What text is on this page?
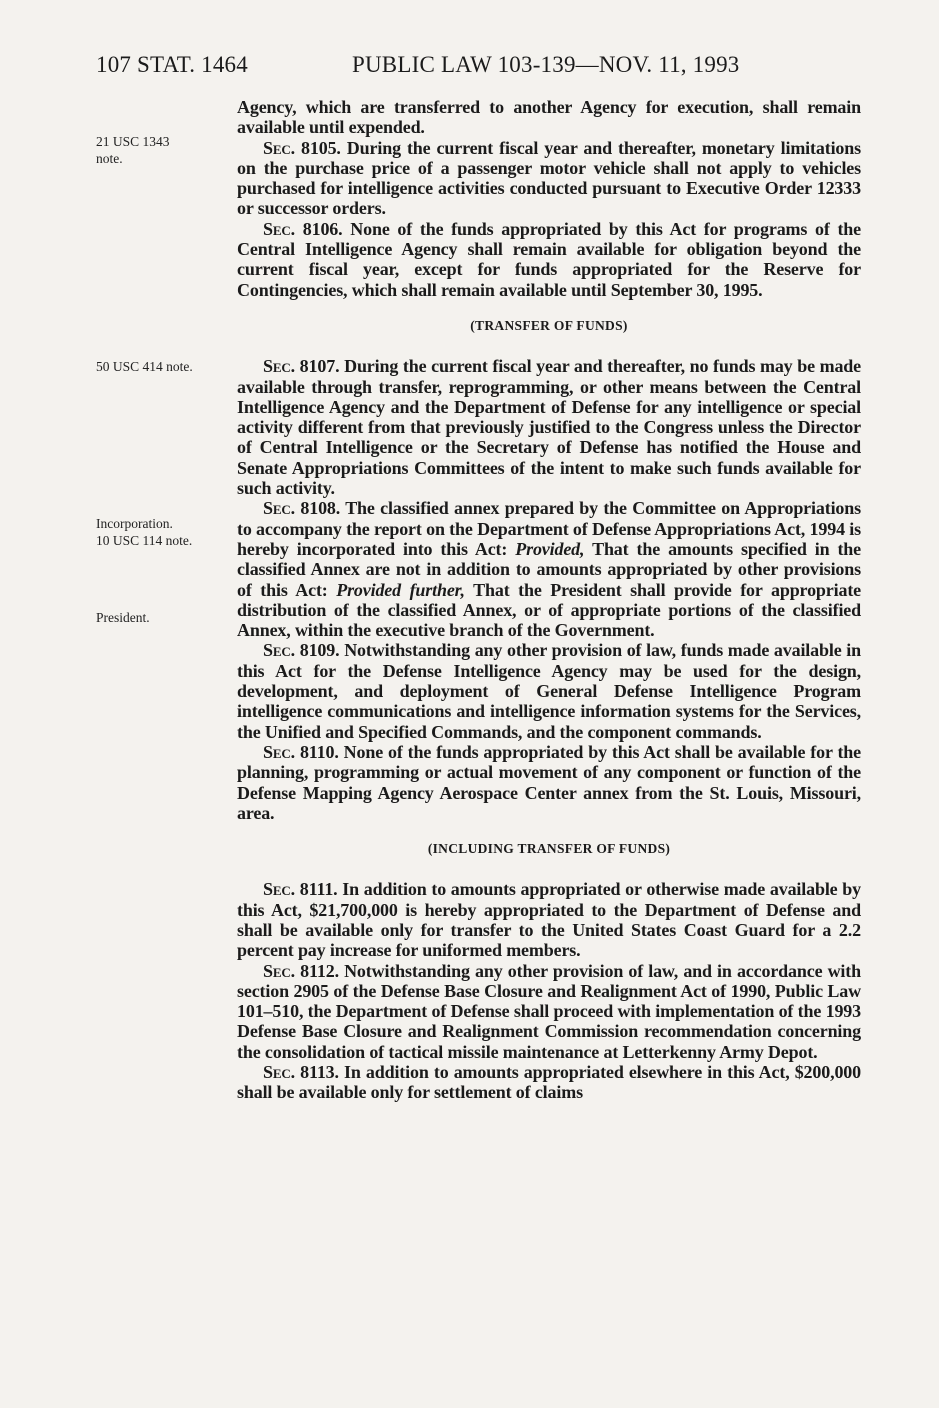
107 STAT. 1464	PUBLIC LAW 103-139—NOV. 11, 1993
21 USC 1343
note.
50 USC 414 note.
Incorporation.
10 USC 114 note.
President.

Agency, which are transferred to another Agency for execution, shall remain available until expended.

Sec. 8105. During the current fiscal year and thereafter, monetary limitations on the purchase price of a passenger motor vehicle shall not apply to vehicles purchased for intelligence activities conducted pursuant to Executive Order 12333 or successor orders.

Sec. 8106. None of the funds appropriated by this Act for programs of the Central Intelligence Agency shall remain available for obligation beyond the current fiscal year, except for funds appropriated for the Reserve for Contingencies, which shall remain available until September 30, 1995.

(TRANSFER OF FUNDS)

Sec. 8107. During the current fiscal year and thereafter, no funds may be made available through transfer, reprogramming, or other means between the Central Intelligence Agency and the Department of Defense for any intelligence or special activity different from that previously justified to the Congress unless the Director of Central Intelligence or the Secretary of Defense has notified the House and Senate Appropriations Committees of the intent to make such funds available for such activity.

Sec. 8108. The classified annex prepared by the Committee on Appropriations to accompany the report on the Department of Defense Appropriations Act, 1994 is hereby incorporated into this Act: Provided, That the amounts specified in the classified Annex are not in addition to amounts appropriated by other provisions of this Act: Provided further, That the President shall provide for appropriate distribution of the classified Annex, or of appropriate portions of the classified Annex, within the executive branch of the Government.

Sec. 8109. Notwithstanding any other provision of law, funds made available in this Act for the Defense Intelligence Agency may be used for the design, development, and deployment of General Defense Intelligence Program intelligence communications and intelligence information systems for the Services, the Unified and Specified Commands, and the component commands.

Sec. 8110. None of the funds appropriated by this Act shall be available for the planning, programming or actual movement of any component or function of the Defense Mapping Agency Aerospace Center annex from the St. Louis, Missouri, area.

(INCLUDING TRANSFER OF FUNDS)

Sec. 8111. In addition to amounts appropriated or otherwise made available by this Act, $21,700,000 is hereby appropriated to the Department of Defense and shall be available only for transfer to the United States Coast Guard for a 2.2 percent pay increase for uniformed members.

Sec. 8112. Notwithstanding any other provision of law, and in accordance with section 2905 of the Defense Base Closure and Realignment Act of 1990, Public Law 101–510, the Department of Defense shall proceed with implementation of the 1993 Defense Base Closure and Realignment Commission recommendation concerning the consolidation of tactical missile maintenance at Letterkenny Army Depot.

Sec. 8113. In addition to amounts appropriated elsewhere in this Act, $200,000 shall be available only for settlement of claims
